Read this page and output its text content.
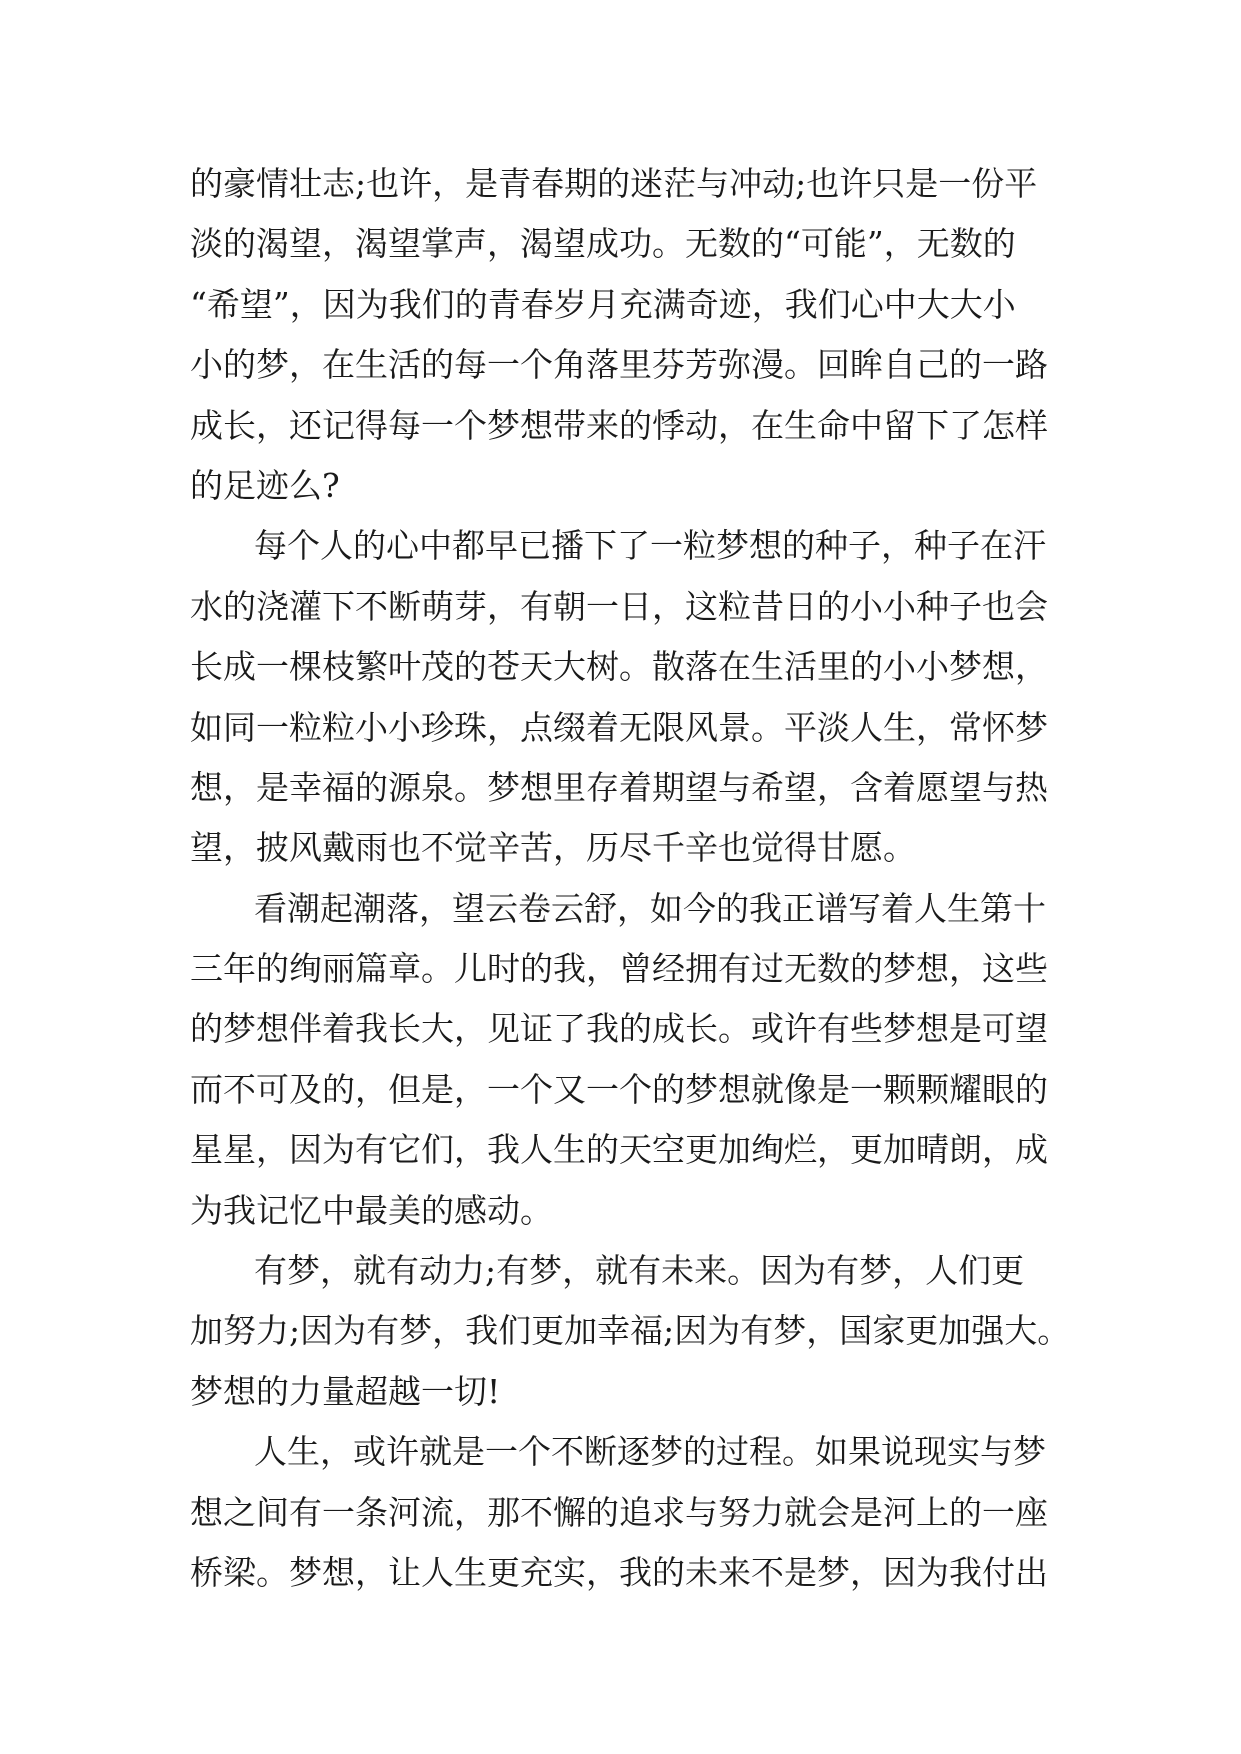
的豪情壮志;也许，是青春期的迷茫与冲动;也许只是一份平
淡的渴望，渴望掌声，渴望成功。无数的“可能”，无数的
“希望”，因为我们的青春岁月充满奇迹，我们心中大大小
小的梦，在生活的每一个角落里芬芳弥漫。回眸自己的一路
成长，还记得每一个梦想带来的悸动，在生命中留下了怎样
的足迹么?
每个人的心中都早已播下了一粒梦想的种子，种子在汗
水的浇灌下不断萌芽，有朝一日，这粒昔日的小小种子也会
长成一棵枝繁叶茂的苍天大树。散落在生活里的小小梦想，
如同一粒粒小小珍珠，点缀着无限风景。平淡人生，常怀梦
想，是幸福的源泉。梦想里存着期望与希望，含着愿望与热
望，披风戴雨也不觉辛苦，历尽千辛也觉得甘愿。
看潮起潮落，望云卷云舒，如今的我正谱写着人生第十
三年的绚丽篇章。儿时的我，曾经拥有过无数的梦想，这些
的梦想伴着我长大，见证了我的成长。或许有些梦想是可望
而不可及的，但是，一个又一个的梦想就像是一颗颗耀眼的
星星，因为有它们，我人生的天空更加绚烂，更加晴朗，成
为我记忆中最美的感动。
有梦，就有动力;有梦，就有未来。因为有梦，人们更
加努力;因为有梦，我们更加幸福;因为有梦，国家更加强大。
梦想的力量超越一切!
人生，或许就是一个不断逐梦的过程。如果说现实与梦
想之间有一条河流，那不懈的追求与努力就会是河上的一座
桥梁。梦想，让人生更充实，我的未来不是梦，因为我付出
